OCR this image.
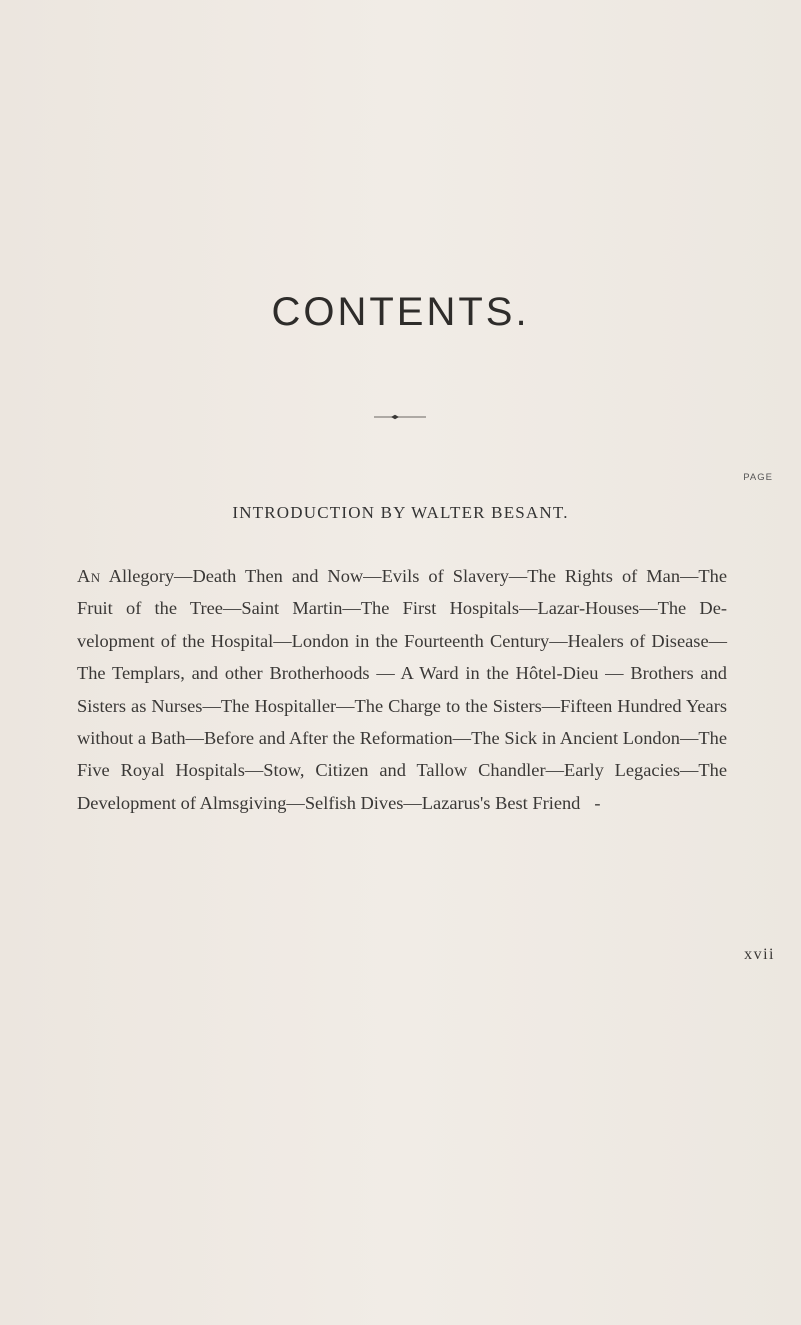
CONTENTS.
PAGE
INTRODUCTION BY WALTER BESANT.

An Allegory—Death Then and Now—Evils of Slavery—The Rights of Man—The Fruit of the Tree—Saint Martin—The First Hospitals—Lazar-Houses—The De-velopment of the Hospital—London in the Fourteenth Century—Healers of Disease—The Templars, and other Brotherhoods — A Ward in the Hôtel-Dieu — Brothers and Sisters as Nurses—The Hospitaller—The Charge to the Sisters—Fifteen Hundred Years without a Bath—Before and After the Reformation—The Sick in Ancient London—The Five Royal Hospitals—Stow, Citizen and Tallow Chandler—Early Legacies—The Development of Almsgiving—Selfish Dives—Lazarus's Best Friend -

xvii
